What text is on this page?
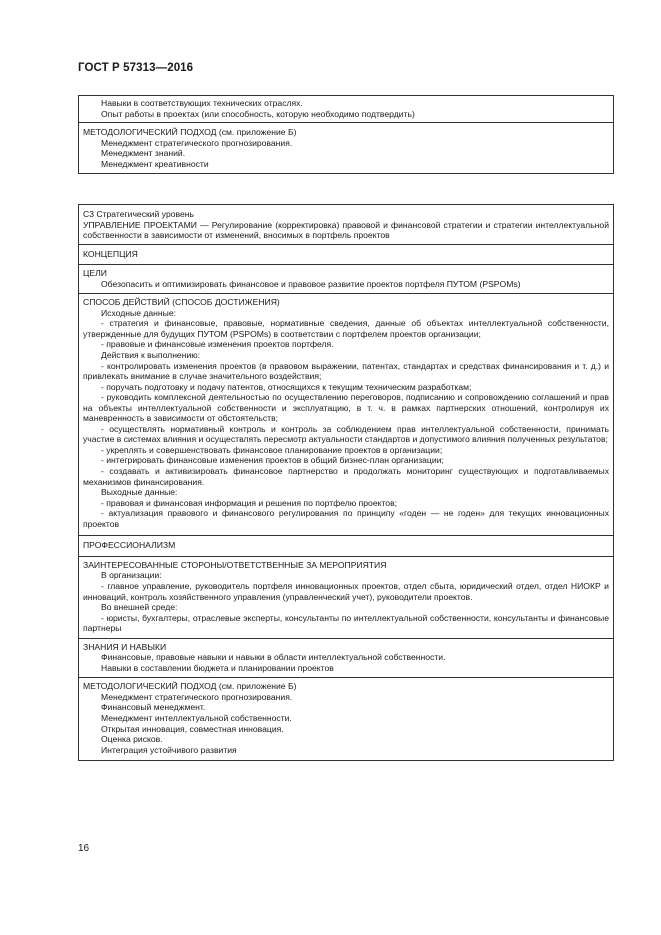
ГОСТ Р 57313—2016
Навыки в соответствующих технических отраслях.
Опыт работы в проектах (или способность, которую необходимо подтвердить)
МЕТОДОЛОГИЧЕСКИЙ ПОДХОД (см. приложение Б)
Менеджмент стратегического прогнозирования.
Менеджмент знаний.
Менеджмент креативности
C3 Стратегический уровень
УПРАВЛЕНИЕ ПРОЕКТАМИ — Регулирование (корректировка) правовой и финансовой стратегии и стратегии интеллектуальной собственности в зависимости от изменений, вносимых в портфель проектов
КОНЦЕПЦИЯ
ЦЕЛИ
Обезопасить и оптимизировать финансовое и правовое развитие проектов портфеля ПУТОМ (PSPOMs)
СПОСОБ ДЕЙСТВИЙ (СПОСОБ ДОСТИЖЕНИЯ)
Исходные данные:
- стратегия и финансовые, правовые, нормативные сведения, данные об объектах интеллектуальной собственности, утвержденные для будущих ПУТОМ (PSPOMs) в соответствии с портфелем проектов организации;
- правовые и финансовые изменения проектов портфеля.
Действия к выполнению:
- контролировать изменения проектов (в правовом выражении, патентах, стандартах и средствах финансирования и т. д.) и привлекать внимание в случае значительного воздействия;
- поручать подготовку и подачу патентов, относящихся к текущим техническим разработкам;
- руководить комплексной деятельностью по осуществлению переговоров, подписанию и сопровождению соглашений и прав на объекты интеллектуальной собственности и эксплуатацию, в т. ч. в рамках партнерских отношений, контролируя их маневренность в зависимости от обстоятельств;
- осуществлять нормативный контроль и контроль за соблюдением прав интеллектуальной собственности, принимать участие в системах влияния и осуществлять пересмотр актуальности стандартов и допустимого влияния полученных результатов;
- укреплять и совершенствовать финансовое планирование проектов в организации;
- интегрировать финансовые изменения проектов в общий бизнес-план организации;
- создавать и активизировать финансовое партнерство и продолжать мониторинг существующих и подготавливаемых механизмов финансирования.
Выходные данные:
- правовая и финансовая информация и решения по портфелю проектов;
- актуализация правового и финансового регулирования по принципу «годен — не годен» для текущих инновационных проектов
ПРОФЕССИОНАЛИЗМ
ЗАИНТЕРЕСОВАННЫЕ СТОРОНЫ/ОТВЕТСТВЕННЫЕ ЗА МЕРОПРИЯТИЯ
В организации:
- главное управление, руководитель портфеля инновационных проектов, отдел сбыта, юридический отдел, отдел НИОКР и инноваций, контроль хозяйственного управления (управленческий учет), руководители проектов.
Во внешней среде:
- юристы, бухгалтеры, отраслевые эксперты, консультанты по интеллектуальной собственности, консультанты и финансовые партнеры
ЗНАНИЯ И НАВЫКИ
Финансовые, правовые навыки и навыки в области интеллектуальной собственности.
Навыки в составлении бюджета и планировании проектов
МЕТОДОЛОГИЧЕСКИЙ ПОДХОД (см. приложение Б)
Менеджмент стратегического прогнозирования.
Финансовый менеджмент.
Менеджмент интеллектуальной собственности.
Открытая инновация, совместная инновация.
Оценка рисков.
Интеграция устойчивого развития
16
